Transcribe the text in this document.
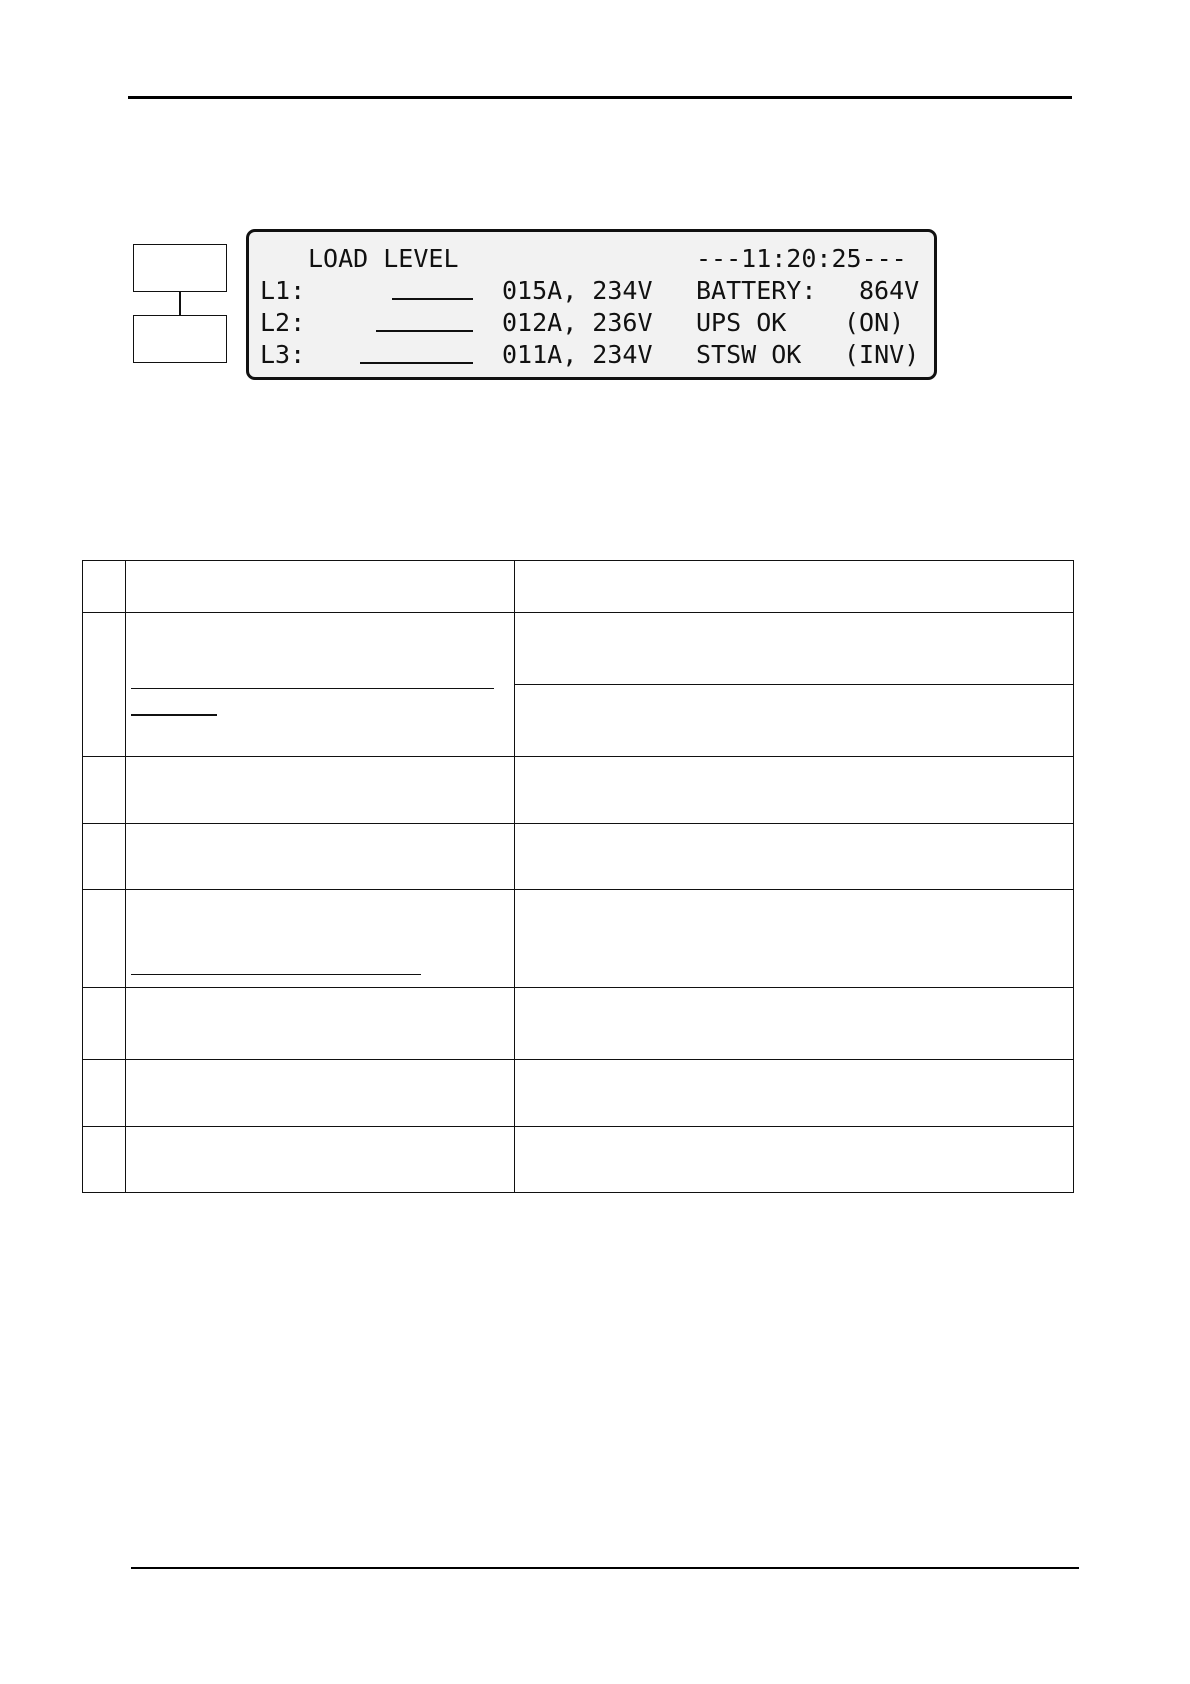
LOAD LEVEL	---11:20:25---
L1:	015A, 234V BATTERY: 864V
L2:	012A, 236V UPS OK (ON)
L3:	011A, 234V STSW OK (INV)
